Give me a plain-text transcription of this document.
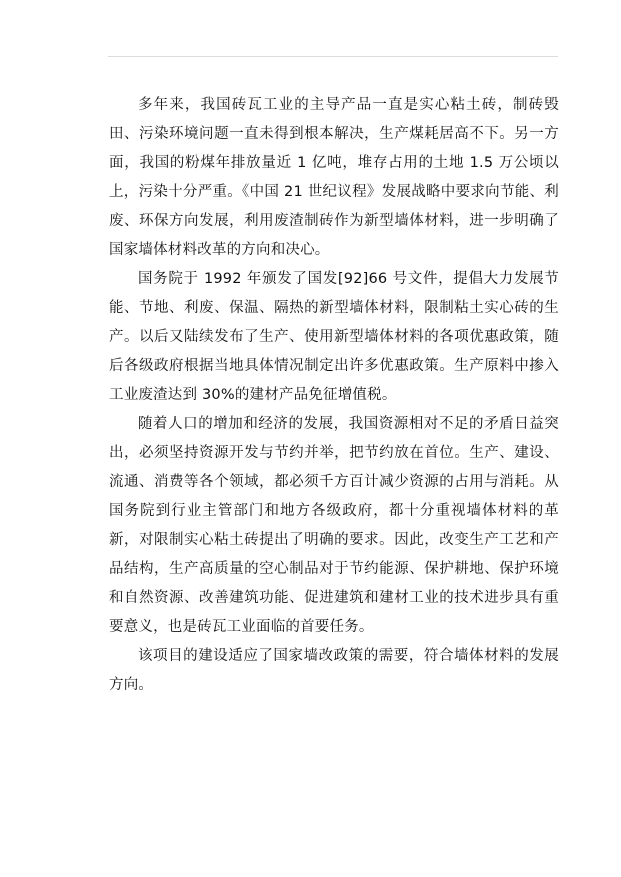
多年来，我国砖瓦工业的主导产品一直是实心粘土砖，制砖毁田、污染环境问题一直未得到根本解决，生产煤耗居高不下。另一方面，我国的粉煤年排放量近 1 亿吨，堆存占用的土地 1.5 万公顷以上，污染十分严重。《中国 21 世纪议程》发展战略中要求向节能、利废、环保方向发展，利用废渣制砖作为新型墙体材料，进一步明确了国家墙体材料改革的方向和决心。

国务院于 1992 年颁发了国发[92]66 号文件，提倡大力发展节能、节地、利废、保温、隔热的新型墙体材料，限制粘土实心砖的生产。以后又陆续发布了生产、使用新型墙体材料的各项优惠政策，随后各级政府根据当地具体情况制定出许多优惠政策。生产原料中掺入工业废渣达到 30%的建材产品免征增值税。

随着人口的增加和经济的发展，我国资源相对不足的矛盾日益突出，必须坚持资源开发与节约并举，把节约放在首位。生产、建设、流通、消费等各个领域，都必须千方百计减少资源的占用与消耗。从国务院到行业主管部门和地方各级政府，都十分重视墙体材料的革新，对限制实心粘土砖提出了明确的要求。因此，改变生产工艺和产品结构，生产高质量的空心制品对于节约能源、保护耕地、保护环境和自然资源、改善建筑功能、促进建筑和建材工业的技术进步具有重要意义，也是砖瓦工业面临的首要任务。

该项目的建设适应了国家墙改政策的需要，符合墙体材料的发展方向。
